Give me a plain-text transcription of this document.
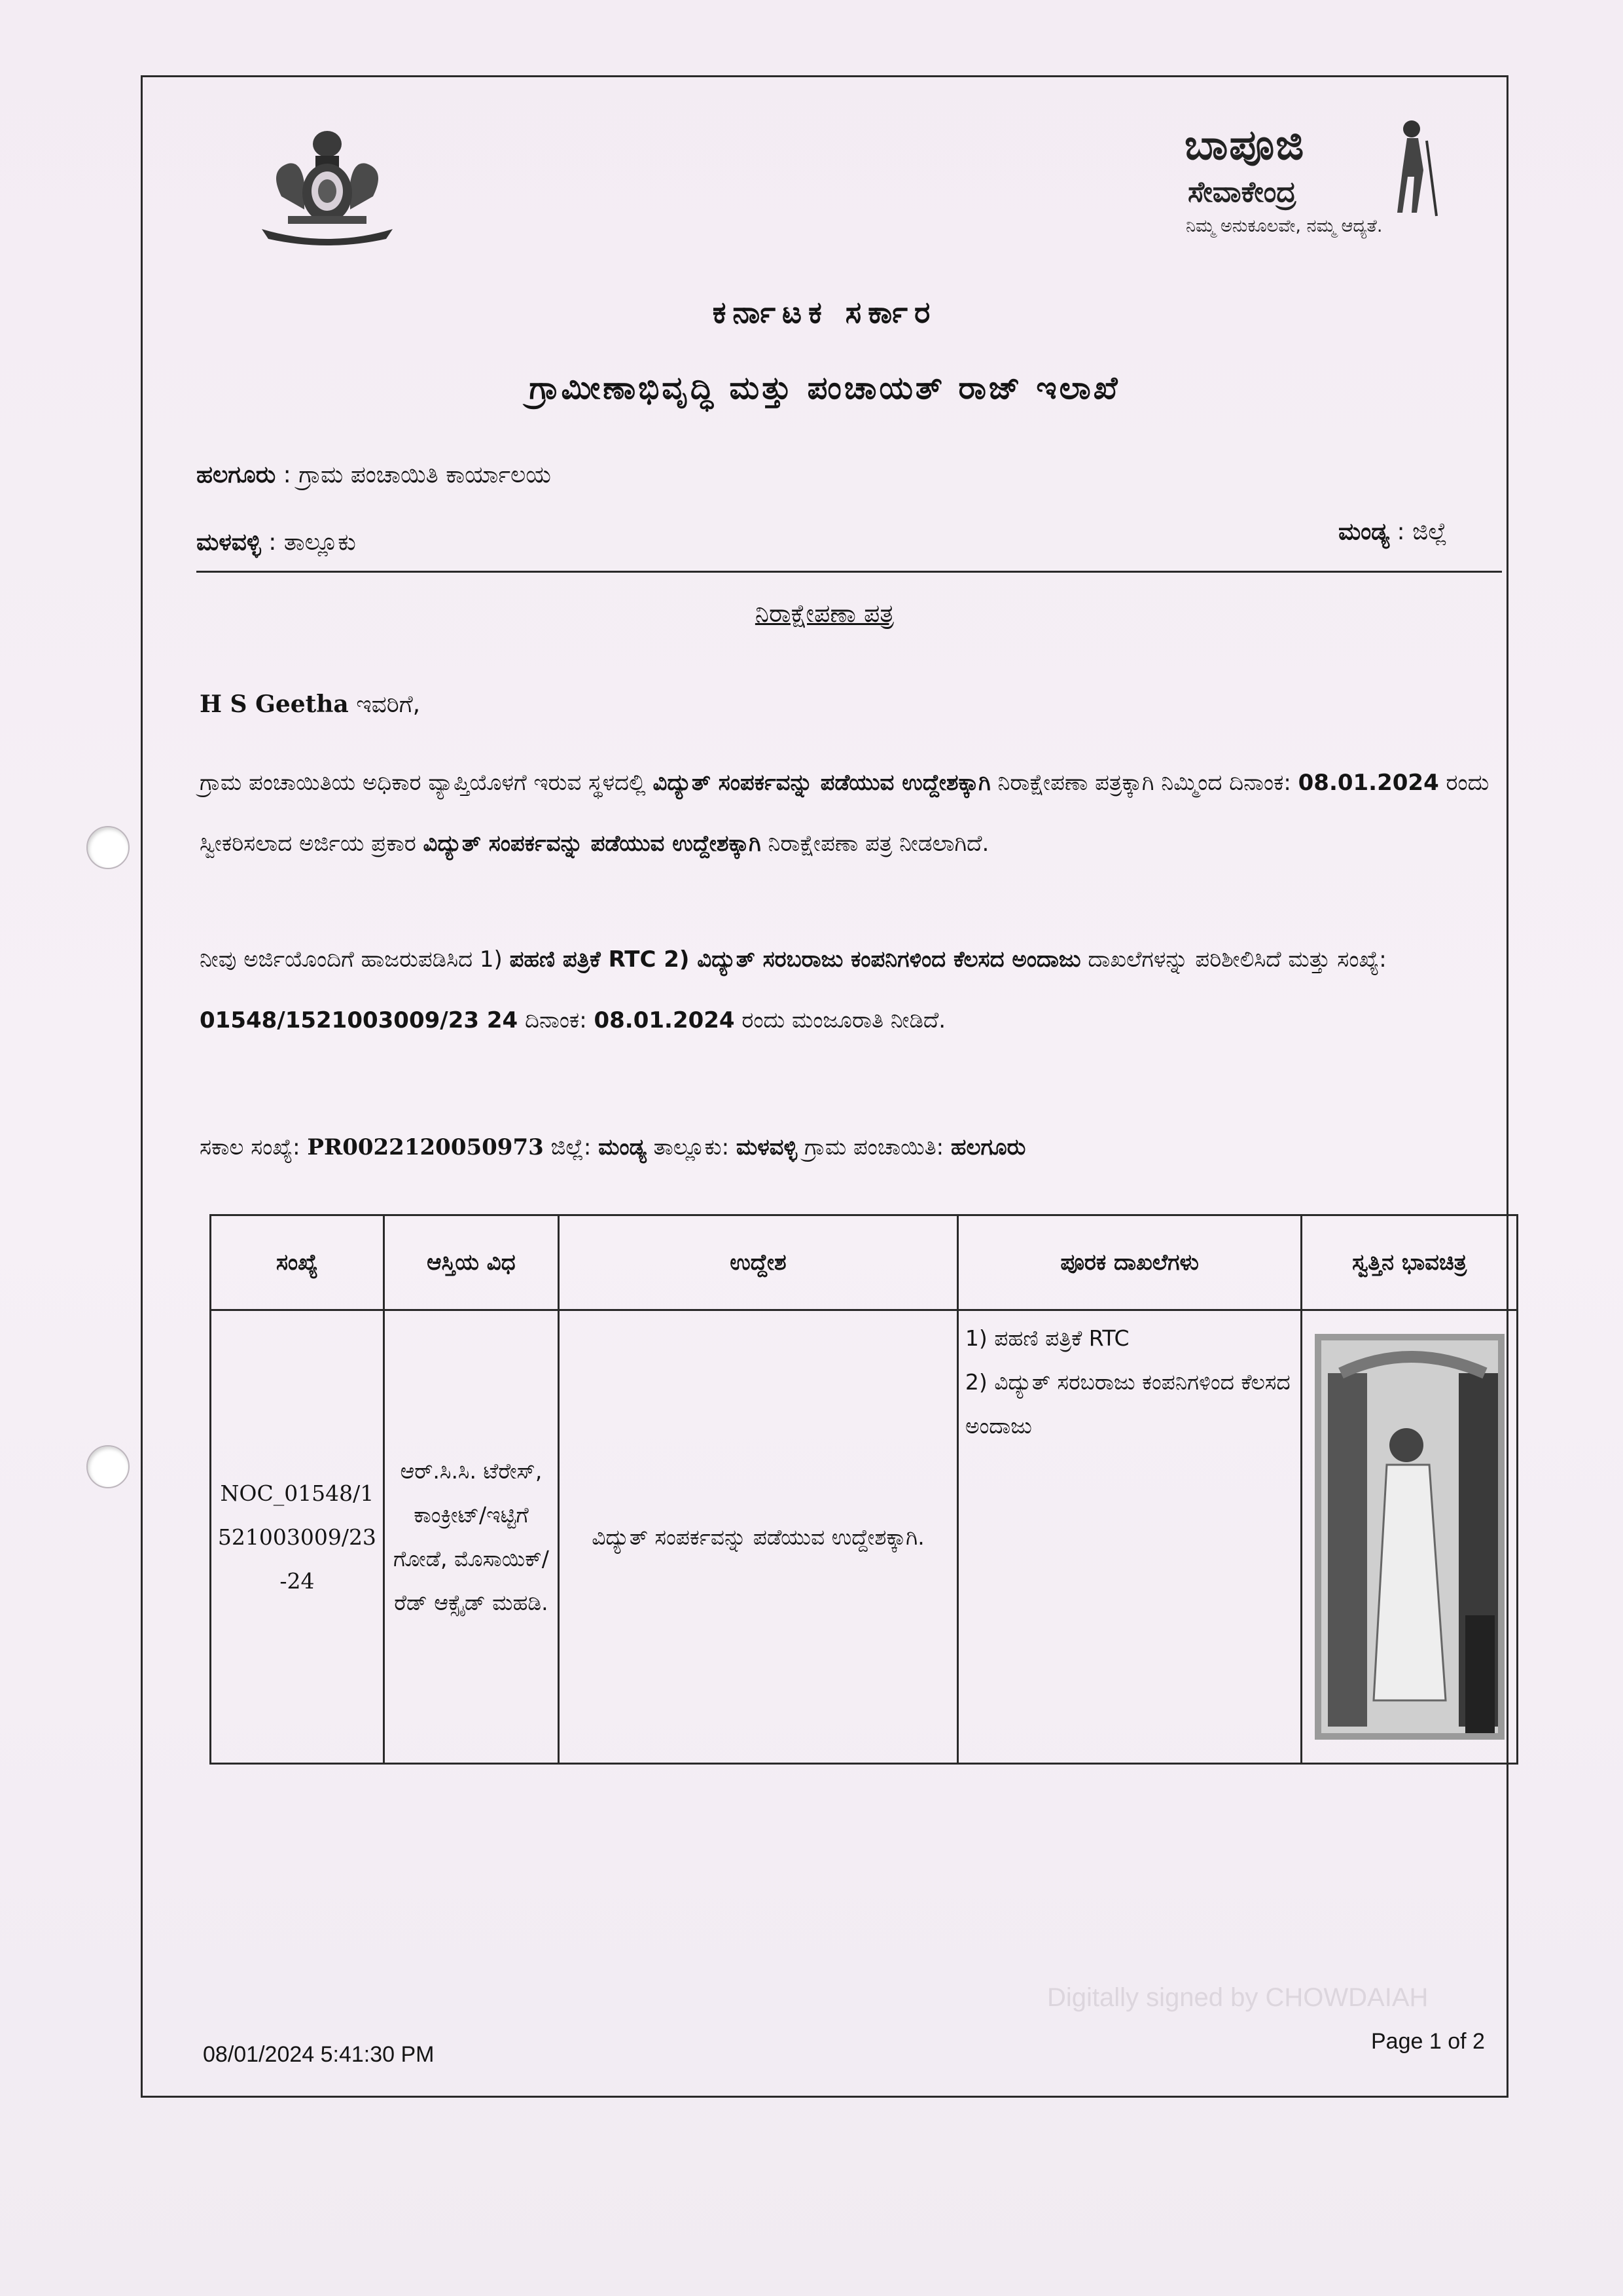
ಬಾಪೂಜಿ
ಸೇವಾಕೇಂದ್ರ
ನಿಮ್ಮ ಅನುಕೂಲವೇ, ನಮ್ಮ ಆದ್ಯತೆ.
ಕರ್ನಾಟಕ ಸರ್ಕಾರ
ಗ್ರಾಮೀಣಾಭಿವೃದ್ಧಿ ಮತ್ತು ಪಂಚಾಯತ್ ರಾಜ್ ಇಲಾಖೆ
ಹಲಗೂರು : ಗ್ರಾಮ ಪಂಚಾಯಿತಿ ಕಾರ್ಯಾಲಯ
ಮಳವಳ್ಳಿ : ತಾಲ್ಲೂಕು	ಮಂಡ್ಯ : ಜಿಲ್ಲೆ
ನಿರಾಕ್ಷೇಪಣಾ ಪತ್ರ
H S Geetha ಇವರಿಗೆ,
ಗ್ರಾಮ ಪಂಚಾಯಿತಿಯ ಅಧಿಕಾರ ವ್ಯಾಪ್ತಿಯೊಳಗೆ ಇರುವ ಸ್ಥಳದಲ್ಲಿ ವಿದ್ಯುತ್ ಸಂಪರ್ಕವನ್ನು ಪಡೆಯುವ ಉದ್ದೇಶಕ್ಕಾಗಿ ನಿರಾಕ್ಷೇಪಣಾ ಪತ್ರಕ್ಕಾಗಿ ನಿಮ್ಮಿಂದ ದಿನಾಂಕ: 08.01.2024 ರಂದು ಸ್ವೀಕರಿಸಲಾದ ಅರ್ಜಿಯ ಪ್ರಕಾರ ವಿದ್ಯುತ್ ಸಂಪರ್ಕವನ್ನು ಪಡೆಯುವ ಉದ್ದೇಶಕ್ಕಾಗಿ ನಿರಾಕ್ಷೇಪಣಾ ಪತ್ರ ನೀಡಲಾಗಿದೆ.
ನೀವು ಅರ್ಜಿಯೊಂದಿಗೆ ಹಾಜರುಪಡಿಸಿದ 1) ಪಹಣಿ ಪತ್ರಿಕೆ RTC 2) ವಿದ್ಯುತ್ ಸರಬರಾಜು ಕಂಪನಿಗಳಿಂದ ಕೆಲಸದ ಅಂದಾಜು ದಾಖಲೆಗಳನ್ನು ಪರಿಶೀಲಿಸಿದೆ ಮತ್ತು ಸಂಖ್ಯೆ: 01548/1521003009/23 24 ದಿನಾಂಕ: 08.01.2024 ರಂದು ಮಂಜೂರಾತಿ ನೀಡಿದೆ.
ಸಕಾಲ ಸಂಖ್ಯೆ: PR0022120050973 ಜಿಲ್ಲೆ: ಮಂಡ್ಯ ತಾಲ್ಲೂಕು: ಮಳವಳ್ಳಿ ಗ್ರಾಮ ಪಂಚಾಯಿತಿ: ಹಲಗೂರು
ಸಂಖ್ಯೆ	ಆಸ್ತಿಯ ವಿಧ	ಉದ್ದೇಶ	ಪೂರಕ ದಾಖಲೆಗಳು	ಸ್ವತ್ತಿನ ಭಾವಚಿತ್ರ
NOC_01548/1521003009/23-24	ಆರ್.ಸಿ.ಸಿ. ಟೆರೇಸ್, ಕಾಂಕ್ರೀಟ್/ಇಟ್ಟಿಗೆ ಗೋಡೆ, ಮೊಸಾಯಿಕ್/ರೆಡ್ ಆಕ್ಸೈಡ್ ಮಹಡಿ.	ವಿದ್ಯುತ್ ಸಂಪರ್ಕವನ್ನು ಪಡೆಯುವ ಉದ್ದೇಶಕ್ಕಾಗಿ.	1) ಪಹಣಿ ಪತ್ರಿಕೆ RTC
2) ವಿದ್ಯುತ್ ಸರಬರಾಜು ಕಂಪನಿಗಳಿಂದ ಕೆಲಸದ ಅಂದಾಜು

Digitally signed by CHOWDAIAH
08/01/2024 5:41:30 PM
Page 1 of 2
